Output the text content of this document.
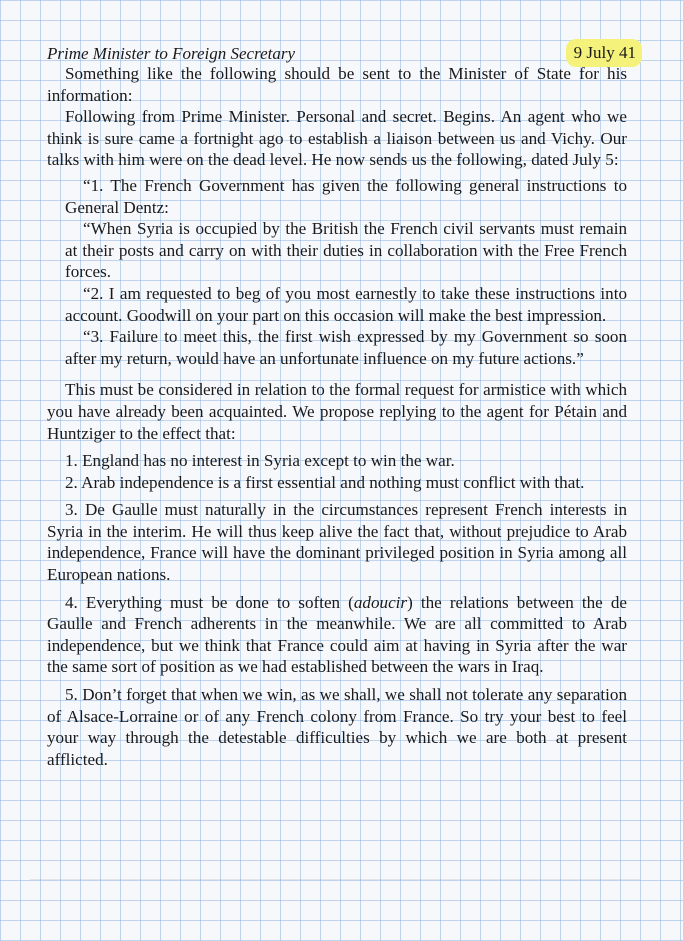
Prime Minister to Foreign Secretary	9 July 41

Something like the following should be sent to the Minister of State for his information:

Following from Prime Minister. Personal and secret. Begins. An agent who we think is sure came a fortnight ago to establish a liaison between us and Vichy. Our talks with him were on the dead level. He now sends us the following, dated July 5:

“1. The French Government has given the following general instructions to General Dentz:

“When Syria is occupied by the British the French civil servants must remain at their posts and carry on with their duties in collaboration with the Free French forces.

“2. I am requested to beg of you most earnestly to take these instructions into account. Goodwill on your part on this occasion will make the best impression.

“3. Failure to meet this, the first wish expressed by my Government so soon after my return, would have an unfortunate influence on my future actions.”

This must be considered in relation to the formal request for armistice with which you have already been acquainted. We propose replying to the agent for Pétain and Huntziger to the effect that:

1. England has no interest in Syria except to win the war.

2. Arab independence is a first essential and nothing must conflict with that.

3. De Gaulle must naturally in the circumstances represent French interests in Syria in the interim. He will thus keep alive the fact that, without prejudice to Arab independence, France will have the dominant privileged position in Syria among all European nations.

4. Everything must be done to soften (adoucir) the relations between the de Gaulle and French adherents in the meanwhile. We are all committed to Arab independence, but we think that France could aim at having in Syria after the war the same sort of position as we had established between the wars in Iraq.

5. Don’t forget that when we win, as we shall, we shall not tolerate any separation of Alsace-Lorraine or of any French colony from France. So try your best to feel your way through the detestable difficulties by which we are both at present afflicted.
